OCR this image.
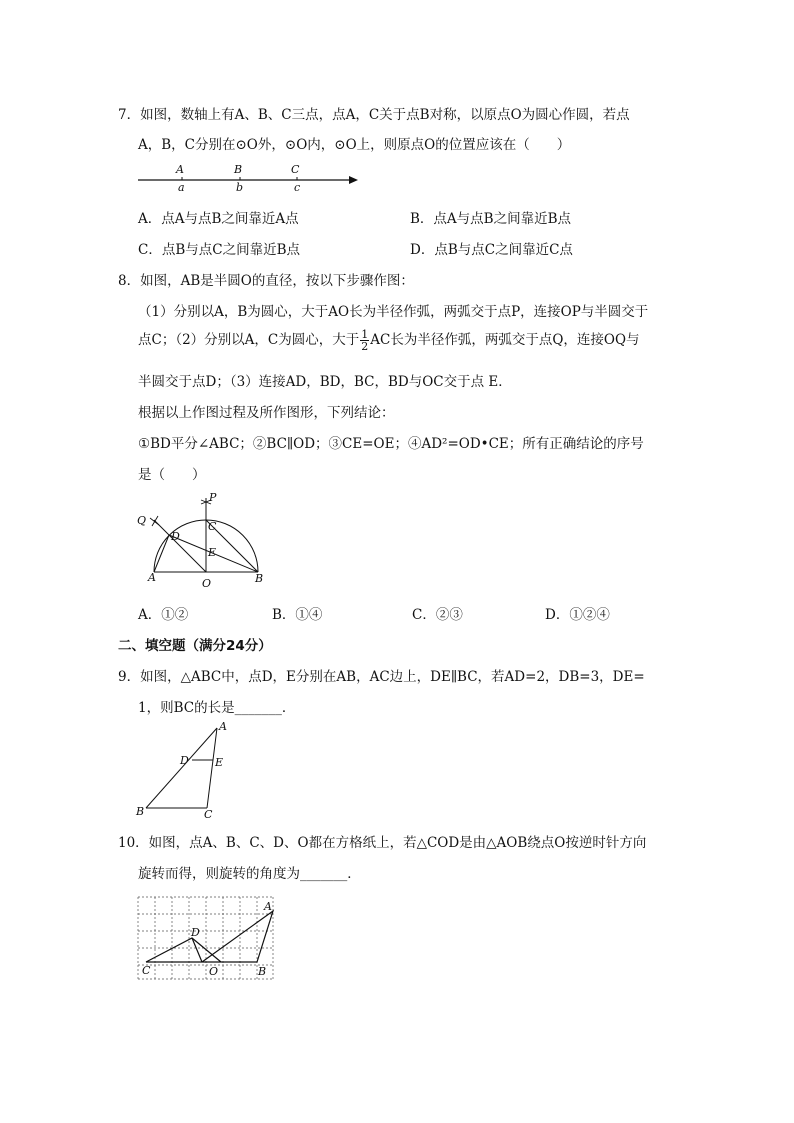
7．如图，数轴上有A、B、C三点，点A，C关于点B对称，以原点O为圆心作圆，若点
A，B，C分别在⊙O外，⊙O内，⊙O上，则原点O的位置应该在（　　）
A	B	C
a	b	c
A．点A与点B之间靠近A点	B．点A与点B之间靠近B点
C．点B与点C之间靠近B点	D．点B与点C之间靠近C点
8．如图，AB是半圆O的直径，按以下步骤作图：
（1）分别以A，B为圆心，大于AO长为半径作弧，两弧交于点P，连接OP与半圆交于
点C；（2）分别以A，C为圆心，大于 $\frac{1}{2}$ AC长为半径作弧，两弧交于点Q，连接OQ与
半圆交于点D；（3）连接AD，BD，BC，BD与OC交于点 E．
根据以上作图过程及所作图形，下列结论：
①BD平分∠ABC；②BC∥OD；③CE=OE；④AD²=OD•CE；所有正确结论的序号
是（　　）
P
Q	C
D
E
A	O	B
A．①②	B．①④	C．②③	D．①②④
二、填空题（满分24分）
9．如图，△ABC中，点D，E分别在AB，AC边上，DE∥BC，若AD=2，DB=3，DE=
1，则BC的长是_______．
A
D E
B	C
10．如图，点A、B、C、D、O都在方格纸上，若△COD是由△AOB绕点O按逆时针方向
旋转而得，则旋转的角度为_______．
A
D
C	O	B
